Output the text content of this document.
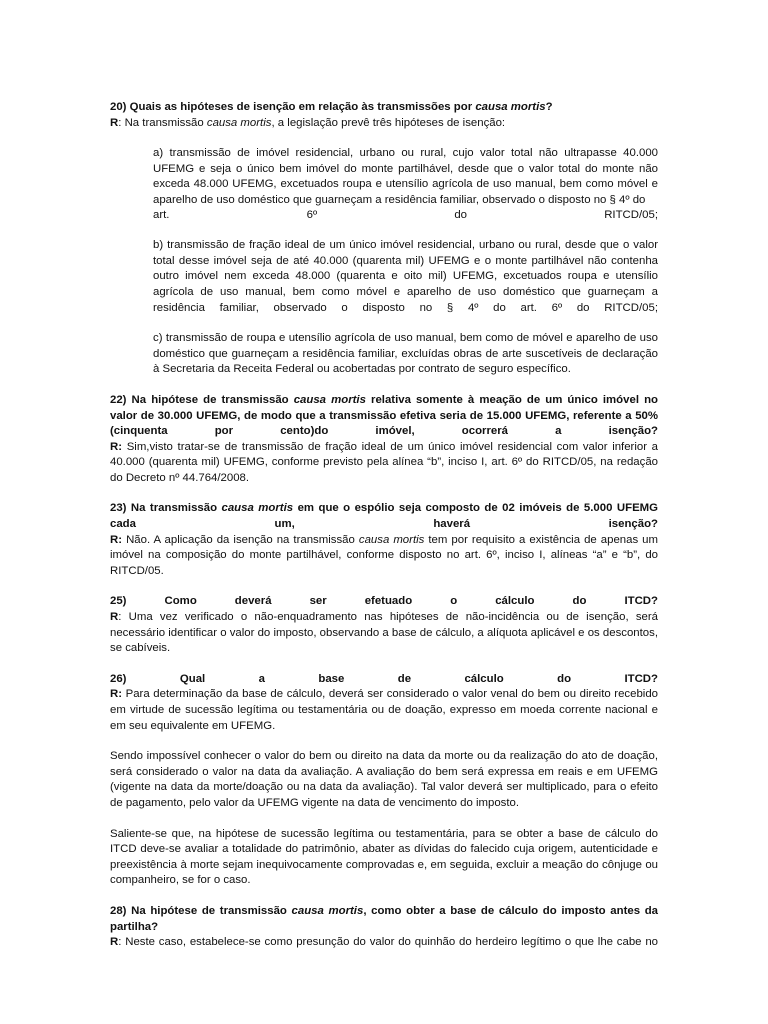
20) Quais as hipóteses de isenção em relação às transmissões por causa mortis?

R: Na transmissão causa mortis, a legislação prevê três hipóteses de isenção:

a) transmissão de imóvel residencial, urbano ou rural, cujo valor total não ultrapasse 40.000 UFEMG e seja o único bem imóvel do monte partilhável, desde que o valor total do monte não exceda 48.000 UFEMG, excetuados roupa e utensílio agrícola de uso manual, bem como móvel e aparelho de uso doméstico que guarneçam a residência familiar, observado o disposto no § 4º do

art.	6º	do	RITCD/05;

b) transmissão de fração ideal de um único imóvel residencial, urbano ou rural, desde que o valor total desse imóvel seja de até 40.000 (quarenta mil) UFEMG e o monte partilhável não contenha outro imóvel nem exceda 48.000 (quarenta e oito mil) UFEMG, excetuados roupa e utensílio agrícola de uso manual, bem como móvel e aparelho de uso doméstico que guarneçam a residência familiar, observado o disposto no § 4º do art. 6º do RITCD/05;

c) transmissão de roupa e utensílio agrícola de uso manual, bem como de móvel e aparelho de uso doméstico que guarneçam a residência familiar, excluídas obras de arte suscetíveis de declaração à Secretaria da Receita Federal ou acobertadas por contrato de seguro específico.

22) Na hipótese de transmissão causa mortis relativa somente à meação de um único imóvel no valor de 30.000 UFEMG, de modo que a transmissão efetiva seria de 15.000 UFEMG, referente a 50% (cinquenta por cento)do imóvel, ocorrerá a isenção?

R: Sim,visto tratar-se de transmissão de fração ideal de um único imóvel residencial com valor inferior a 40.000 (quarenta mil) UFEMG, conforme previsto pela alínea “b”, inciso I, art. 6º do RITCD/05, na redação do Decreto nº 44.764/2008.

23) Na transmissão causa mortis em que o espólio seja composto de 02 imóveis de 5.000 UFEMG cada um, haverá isenção?

R: Não. A aplicação da isenção na transmissão causa mortis tem por requisito a existência de apenas um imóvel na composição do monte partilhável, conforme disposto no art. 6º, inciso I, alíneas “a” e “b”, do RITCD/05.

25) Como deverá ser efetuado o cálculo do ITCD?

R: Uma vez verificado o não-enquadramento nas hipóteses de não-incidência ou de isenção, será necessário identificar o valor do imposto, observando a base de cálculo, a alíquota aplicável e os descontos, se cabíveis.

26) Qual a base de cálculo do ITCD?

R: Para determinação da base de cálculo, deverá ser considerado o valor venal do bem ou direito recebido em virtude de sucessão legítima ou testamentária ou de doação, expresso em moeda corrente nacional e em seu equivalente em UFEMG.

Sendo impossível conhecer o valor do bem ou direito na data da morte ou da realização do ato de doação, será considerado o valor na data da avaliação. A avaliação do bem será expressa em reais e em UFEMG (vigente na data da morte/doação ou na data da avaliação). Tal valor deverá ser multiplicado, para o efeito de pagamento, pelo valor da UFEMG vigente na data de vencimento do imposto.

Saliente-se que, na hipótese de sucessão legítima ou testamentária, para se obter a base de cálculo do ITCD deve-se avaliar a totalidade do patrimônio, abater as dívidas do falecido cuja origem, autenticidade e preexistência à morte sejam inequivocamente comprovadas e, em seguida, excluir a meação do cônjuge ou companheiro, se for o caso.

28) Na hipótese de transmissão causa mortis, como obter a base de cálculo do imposto antes da partilha?

R: Neste caso, estabelece-se como presunção do valor do quinhão do herdeiro legítimo o que lhe cabe no
